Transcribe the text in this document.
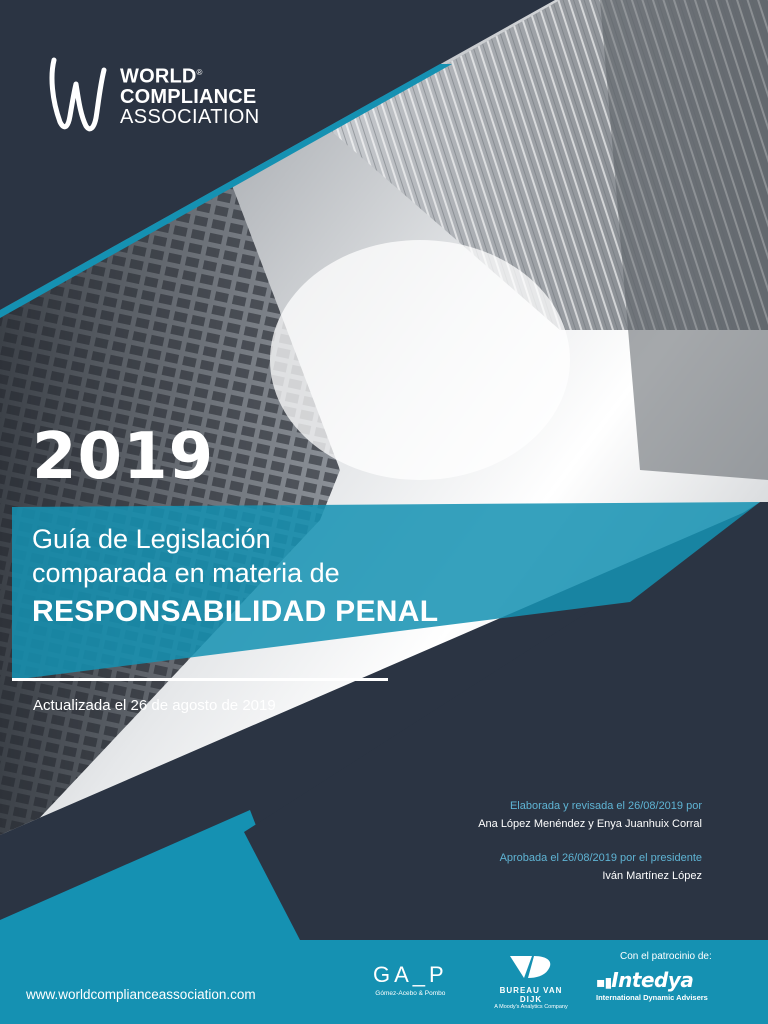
WORLD®
COMPLIANCE
ASSOCIATION
2019
Guía de Legislación
comparada en materia de
RESPONSABILIDAD PENAL
Actualizada el 26 de agosto de 2019
Elaborada y revisada el 26/08/2019 por
Ana López Menéndez y Enya Juanhuix Corral
Aprobada el 26/08/2019 por el presidente
Iván Martínez López
www.worldcomplianceassociation.com
Con el patrocinio de:
GA_P
Gómez-Acebo & Pombo	BUREAU VAN DIJK
A Moody's Analytics Company
▪▮Intedya
International Dynamic Advisers
